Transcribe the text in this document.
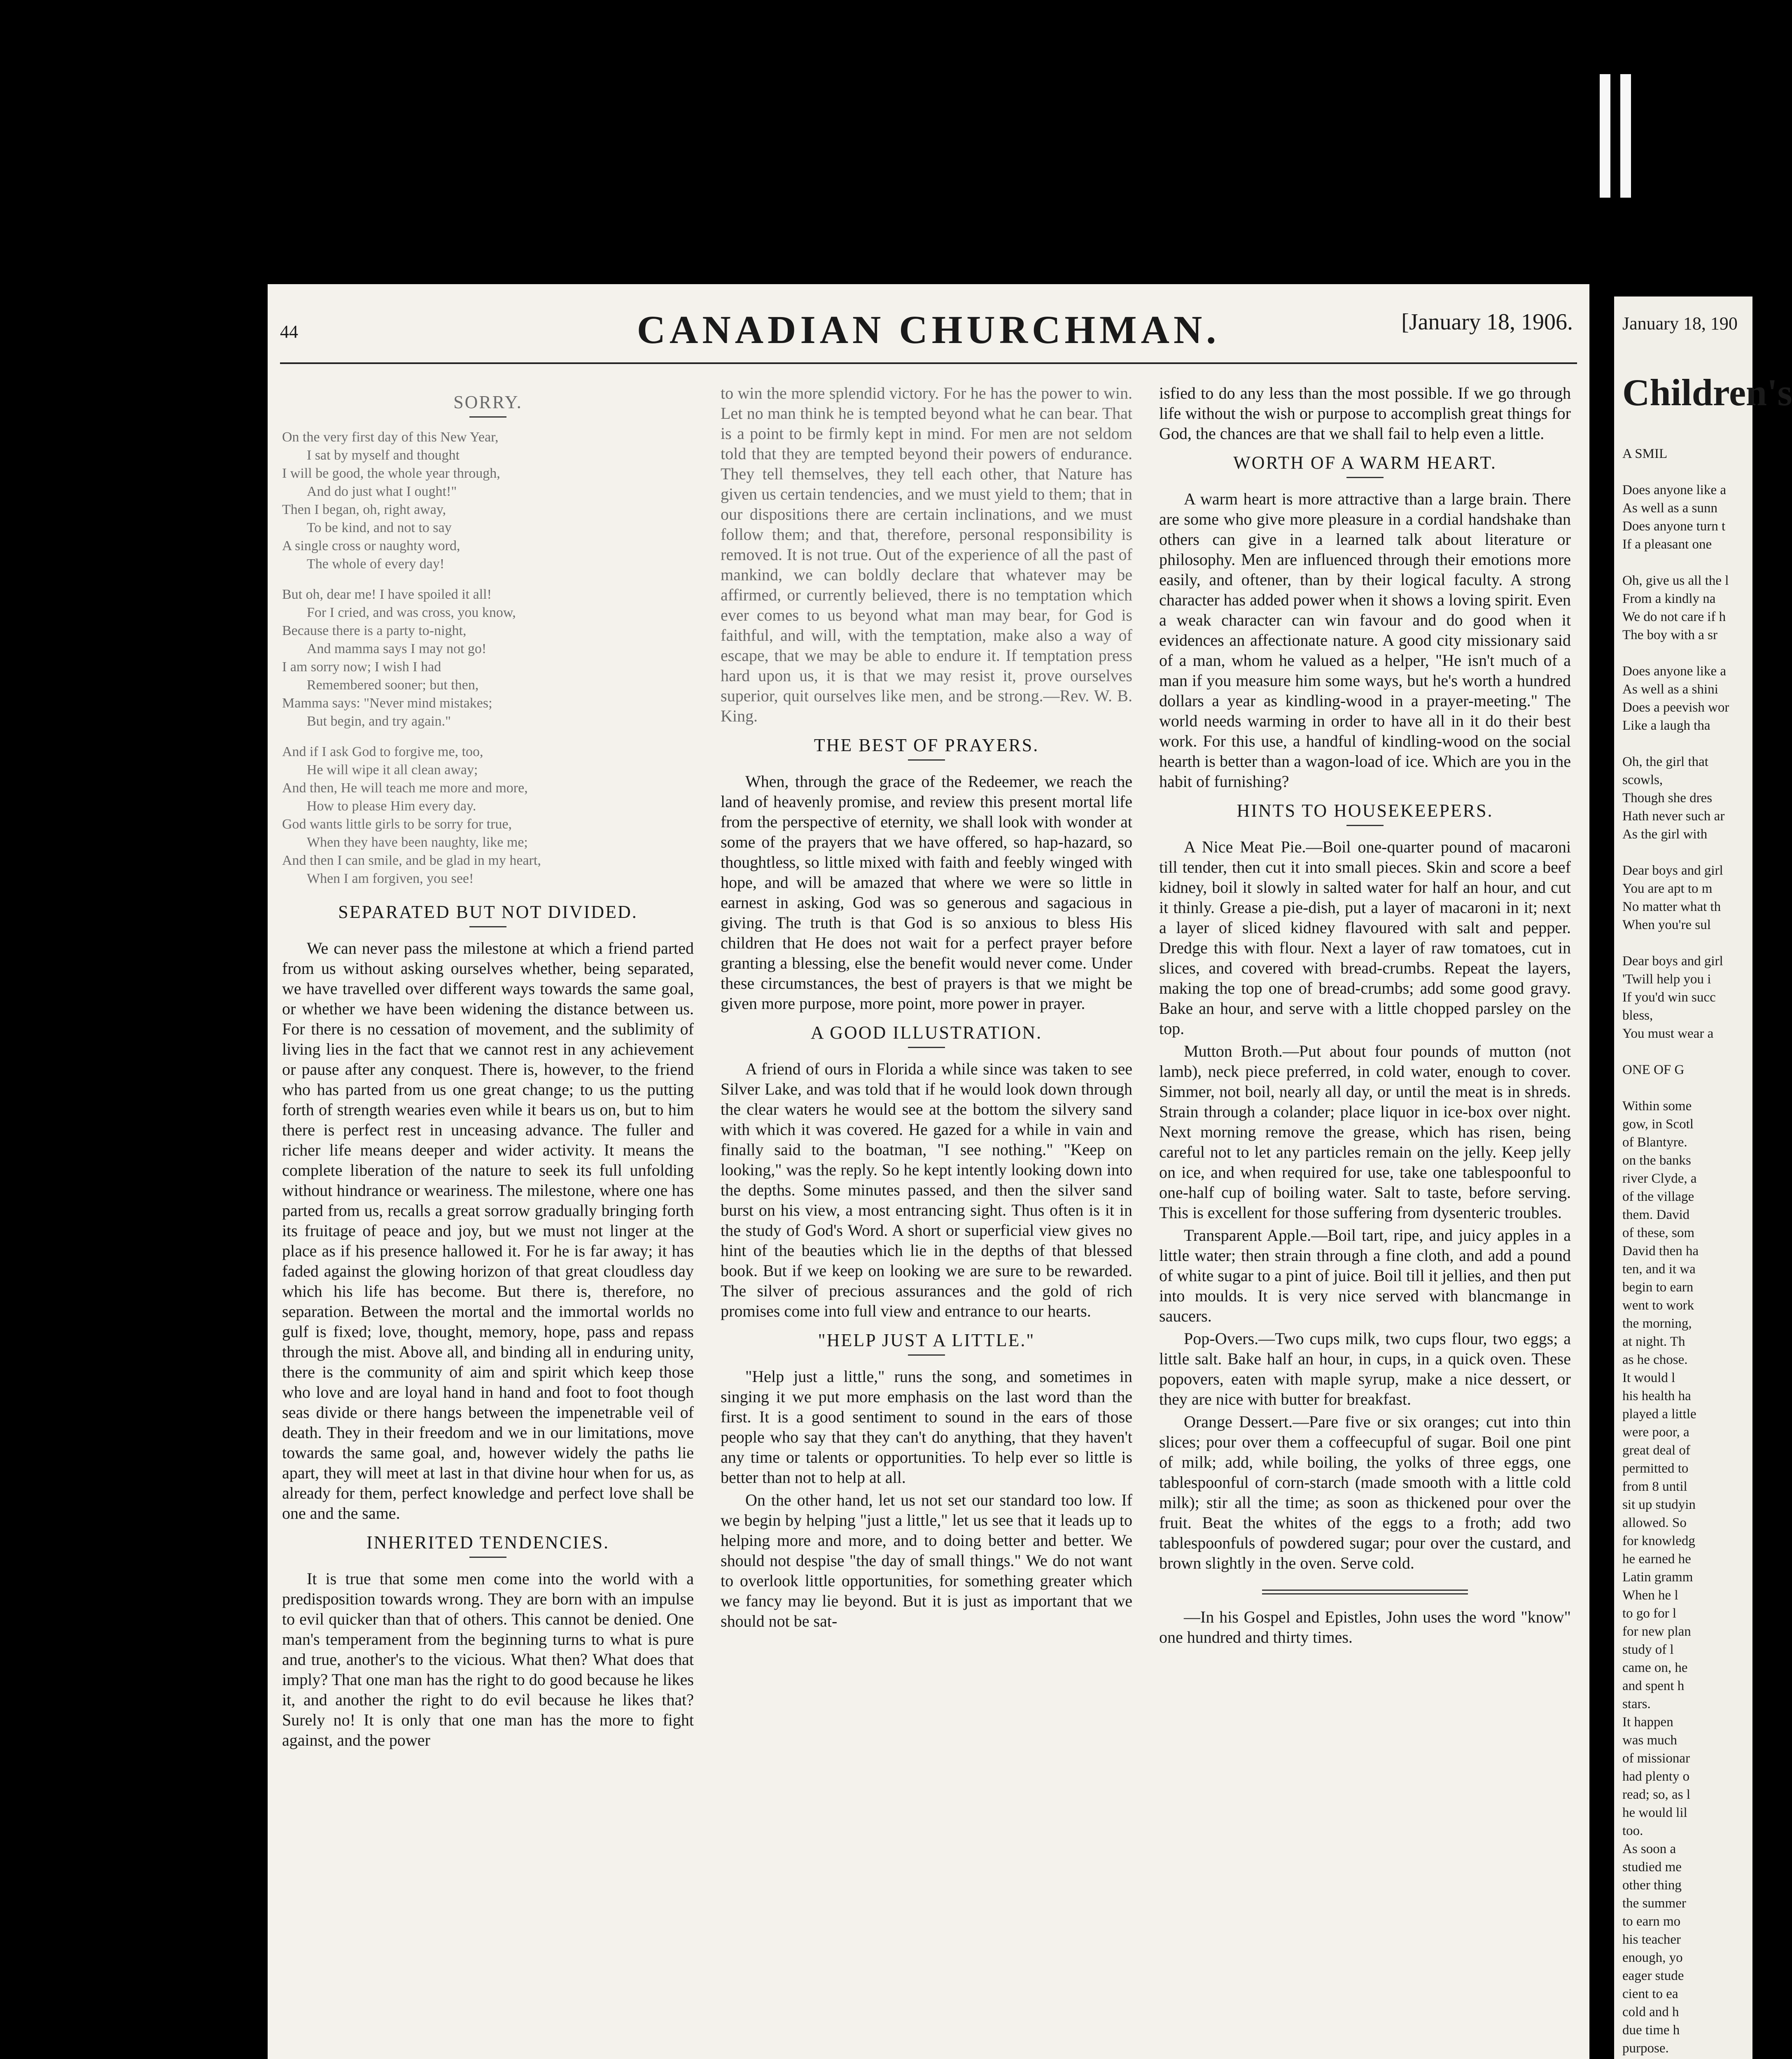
44	CANADIAN CHURCHMAN.	[January 18, 1906.
SORRY.

On the very first day of this New Year,

I sat by myself and thought

I will be good, the whole year through,

And do just what I ought!"

Then I began, oh, right away,

To be kind, and not to say

A single cross or naughty word,

The whole of every day!

But oh, dear me! I have spoiled it all!

For I cried, and was cross, you know,

Because there is a party to-night,

And mamma says I may not go!

I am sorry now; I wish I had

Remembered sooner; but then,

Mamma says: "Never mind mistakes;

But begin, and try again."

And if I ask God to forgive me, too,

He will wipe it all clean away;

And then, He will teach me more and more,

How to please Him every day.

God wants little girls to be sorry for true,

When they have been naughty, like me;

And then I can smile, and be glad in my heart,

When I am forgiven, you see!

SEPARATED BUT NOT DIVIDED.

We can never pass the milestone at which a friend parted from us without asking ourselves whether, being separated, we have travelled over different ways towards the same goal, or whether we have been widening the distance between us. For there is no cessation of movement, and the sublimity of living lies in the fact that we cannot rest in any achievement or pause after any conquest. There is, however, to the friend who has parted from us one great change; to us the putting forth of strength wearies even while it bears us on, but to him there is perfect rest in unceasing advance. The fuller and richer life means deeper and wider activity. It means the complete liberation of the nature to seek its full unfolding without hindrance or weariness. The milestone, where one has parted from us, recalls a great sorrow gradually bringing forth its fruitage of peace and joy, but we must not linger at the place as if his presence hallowed it. For he is far away; it has faded against the glowing horizon of that great cloudless day which his life has become. But there is, therefore, no separation. Between the mortal and the immortal worlds no gulf is fixed; love, thought, memory, hope, pass and repass through the mist. Above all, and binding all in enduring unity, there is the community of aim and spirit which keep those who love and are loyal hand in hand and foot to foot though seas divide or there hangs between the impenetrable veil of death. They in their freedom and we in our limitations, move towards the same goal, and, however widely the paths lie apart, they will meet at last in that divine hour when for us, as already for them, perfect knowledge and perfect love shall be one and the same.

INHERITED TENDENCIES.

It is true that some men come into the world with a predisposition towards wrong. They are born with an impulse to evil quicker than that of others. This cannot be denied. One man's temperament from the beginning turns to what is pure and true, another's to the vicious. What then? What does that imply? That one man has the right to do good because he likes it, and another the right to do evil because he likes that? Surely no! It is only that one man has the more to fight against, and the power

to win the more splendid victory. For he has the power to win. Let no man think he is tempted beyond what he can bear. That is a point to be firmly kept in mind. For men are not seldom told that they are tempted beyond their powers of endurance. They tell themselves, they tell each other, that Nature has given us certain tendencies, and we must yield to them; that in our dispositions there are certain inclinations, and we must follow them; and that, therefore, personal responsibility is removed. It is not true. Out of the experience of all the past of mankind, we can boldly declare that whatever may be affirmed, or currently believed, there is no temptation which ever comes to us beyond what man may bear, for God is faithful, and will, with the temptation, make also a way of escape, that we may be able to endure it. If temptation press hard upon us, it is that we may resist it, prove ourselves superior, quit ourselves like men, and be strong.—Rev. W. B. King.

THE BEST OF PRAYERS.

When, through the grace of the Redeemer, we reach the land of heavenly promise, and review this present mortal life from the perspective of eternity, we shall look with wonder at some of the prayers that we have offered, so hap-hazard, so thoughtless, so little mixed with faith and feebly winged with hope, and will be amazed that where we were so little in earnest in asking, God was so generous and sagacious in giving. The truth is that God is so anxious to bless His children that He does not wait for a perfect prayer before granting a blessing, else the benefit would never come. Under these circumstances, the best of prayers is that we might be given more purpose, more point, more power in prayer.

A GOOD ILLUSTRATION.

A friend of ours in Florida a while since was taken to see Silver Lake, and was told that if he would look down through the clear waters he would see at the bottom the silvery sand with which it was covered. He gazed for a while in vain and finally said to the boatman, "I see nothing." "Keep on looking," was the reply. So he kept intently looking down into the depths. Some minutes passed, and then the silver sand burst on his view, a most entrancing sight. Thus often is it in the study of God's Word. A short or superficial view gives no hint of the beauties which lie in the depths of that blessed book. But if we keep on looking we are sure to be rewarded. The silver of precious assurances and the gold of rich promises come into full view and entrance to our hearts.

"HELP JUST A LITTLE."

"Help just a little," runs the song, and sometimes in singing it we put more emphasis on the last word than the first. It is a good sentiment to sound in the ears of those people who say that they can't do anything, that they haven't any time or talents or opportunities. To help ever so little is better than not to help at all.

On the other hand, let us not set our standard too low. If we begin by helping "just a little," let us see that it leads up to helping more and more, and to doing better and better. We should not despise "the day of small things." We do not want to overlook little opportunities, for something greater which we fancy may lie beyond. But it is just as important that we should not be sat-

isfied to do any less than the most possible. If we go through life without the wish or purpose to accomplish great things for God, the chances are that we shall fail to help even a little.

WORTH OF A WARM HEART.

A warm heart is more attractive than a large brain. There are some who give more pleasure in a cordial handshake than others can give in a learned talk about literature or philosophy. Men are influenced through their emotions more easily, and oftener, than by their logical faculty. A strong character has added power when it shows a loving spirit. Even a weak character can win favour and do good when it evidences an affectionate nature. A good city missionary said of a man, whom he valued as a helper, "He isn't much of a man if you measure him some ways, but he's worth a hundred dollars a year as kindling-wood in a prayer-meeting." The world needs warming in order to have all in it do their best work. For this use, a handful of kindling-wood on the social hearth is better than a wagon-load of ice. Which are you in the habit of furnishing?

HINTS TO HOUSEKEEPERS.

A Nice Meat Pie.—Boil one-quarter pound of macaroni till tender, then cut it into small pieces. Skin and score a beef kidney, boil it slowly in salted water for half an hour, and cut it thinly. Grease a pie-dish, put a layer of macaroni in it; next a layer of sliced kidney flavoured with salt and pepper. Dredge this with flour. Next a layer of raw tomatoes, cut in slices, and covered with bread-crumbs. Repeat the layers, making the top one of bread-crumbs; add some good gravy. Bake an hour, and serve with a little chopped parsley on the top.

Mutton Broth.—Put about four pounds of mutton (not lamb), neck piece preferred, in cold water, enough to cover. Simmer, not boil, nearly all day, or until the meat is in shreds. Strain through a colander; place liquor in ice-box over night. Next morning remove the grease, which has risen, being careful not to let any particles remain on the jelly. Keep jelly on ice, and when required for use, take one tablespoonful to one-half cup of boiling water. Salt to taste, before serving. This is excellent for those suffering from dysenteric troubles.

Transparent Apple.—Boil tart, ripe, and juicy apples in a little water; then strain through a fine cloth, and add a pound of white sugar to a pint of juice. Boil till it jellies, and then put into moulds. It is very nice served with blancmange in saucers.

Pop-Overs.—Two cups milk, two cups flour, two eggs; a little salt. Bake half an hour, in cups, in a quick oven. These popovers, eaten with maple syrup, make a nice dessert, or they are nice with butter for breakfast.

Orange Dessert.—Pare five or six oranges; cut into thin slices; pour over them a coffeecupful of sugar. Boil one pint of milk; add, while boiling, the yolks of three eggs, one tablespoonful of corn-starch (made smooth with a little cold milk); stir all the time; as soon as thickened pour over the fruit. Beat the whites of the eggs to a froth; add two tablespoonfuls of powdered sugar; pour over the custard, and brown slightly in the oven. Serve cold.

—In his Gospel and Epistles, John uses the word "know" one hundred and thirty times.

January 18, 190
Children's
A SMIL

Does anyone like a
As well as a sunn
Does anyone turn t
If a pleasant one

Oh, give us all the l
From a kindly na
We do not care if h
The boy with a sr

Does anyone like a
As well as a shini
Does a peevish wor
Like a laugh tha

Oh, the girl that
scowls,
Though she dres
Hath never such ar
As the girl with

Dear boys and girl
You are apt to m
No matter what th
When you're sul

Dear boys and girl
'Twill help you i
If you'd win succ
bless,
You must wear a

ONE OF G

Within some
gow, in Scotl
of Blantyre.
on the banks
river Clyde, a
of the village
them. David
of these, som
David then ha
ten, and it wa
begin to earn
went to work
the morning,
at night. Th
as he chose.
It would l
his health ha
played a little
were poor, a
great deal of
permitted to
from 8 until
sit up studyin
allowed. So
for knowledg
he earned he
Latin gramm
When he l
to go for l
for new plan
study of l
came on, he
and spent h
stars.
It happen
was much
of missionar
had plenty o
read; so, as l
he would lil
too.
As soon a
studied me
other thing
the summer
to earn mo
his teacher
enough, yo
eager stude
cient to ea
cold and h
due time h
purpose.
